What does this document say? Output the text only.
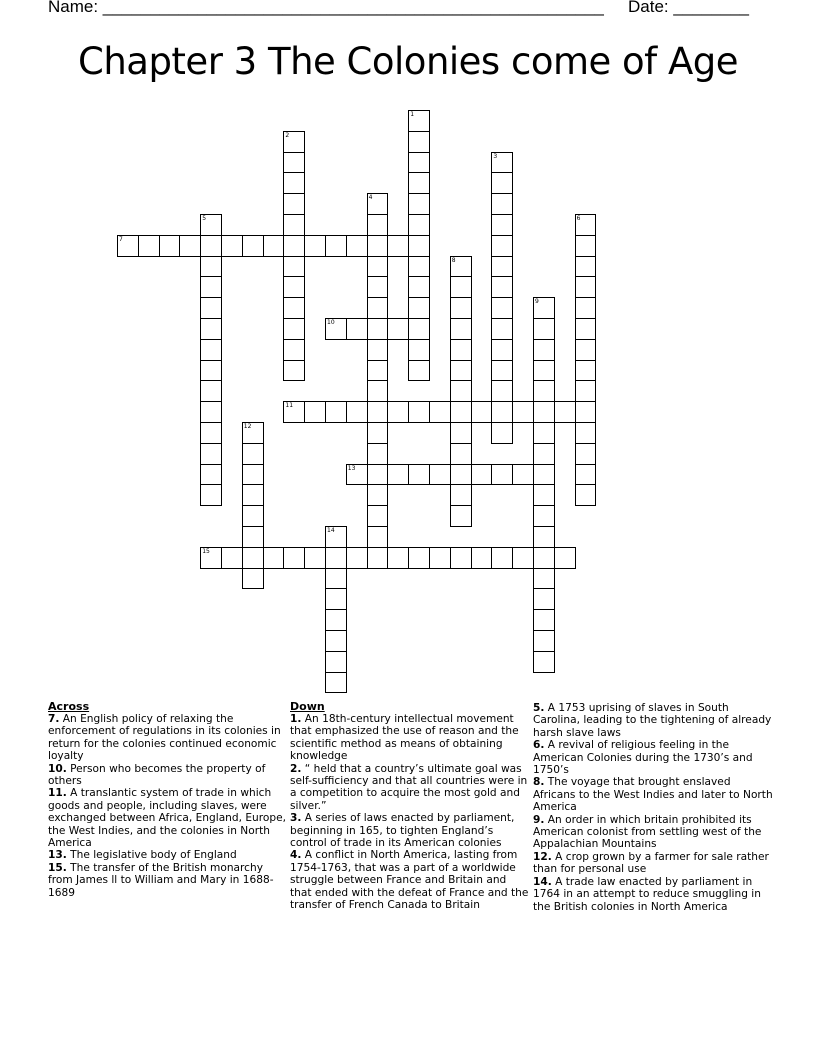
Name: _____________________________________________________ Date: ________
Chapter 3 The Colonies come of Age
1
2
3
4
5	6
7
8
9
10
11
12
13
14
15
Across
7. An English policy of relaxing the enforcement of regulations in its colonies in return for the colonies continued economic loyalty
10. Person who becomes the property of others
11. A translantic system of trade in which goods and people, including slaves, were exchanged between Africa, England, Europe, the West Indies, and the colonies in North America
13. The legislative body of England
15. The transfer of the British monarchy from James ll to William and Mary in 1688-1689
Down
1. An 18th-century intellectual movement that emphasized the use of reason and the scientific method as means of obtaining knowledge
2. “ held that a country’s ultimate goal was self-sufficiency and that all countries were in a competition to acquire the most gold and silver.”
3. A series of laws enacted by parliament, beginning in 165, to tighten England’s control of trade in its American colonies
4. A conflict in North America, lasting from 1754-1763, that was a part of a worldwide struggle between France and Britain and that ended with the defeat of France and the transfer of French Canada to Britain
5. A 1753 uprising of slaves in South Carolina, leading to the tightening of already harsh slave laws
6. A revival of religious feeling in the American Colonies during the 1730’s and 1750’s
8. The voyage that brought enslaved Africans to the West Indies and later to North America
9. An order in which britain prohibited its American colonist from settling west of the Appalachian Mountains
12. A crop grown by a farmer for sale rather than for personal use
14. A trade law enacted by parliament in 1764 in an attempt to reduce smuggling in the British colonies in North America
